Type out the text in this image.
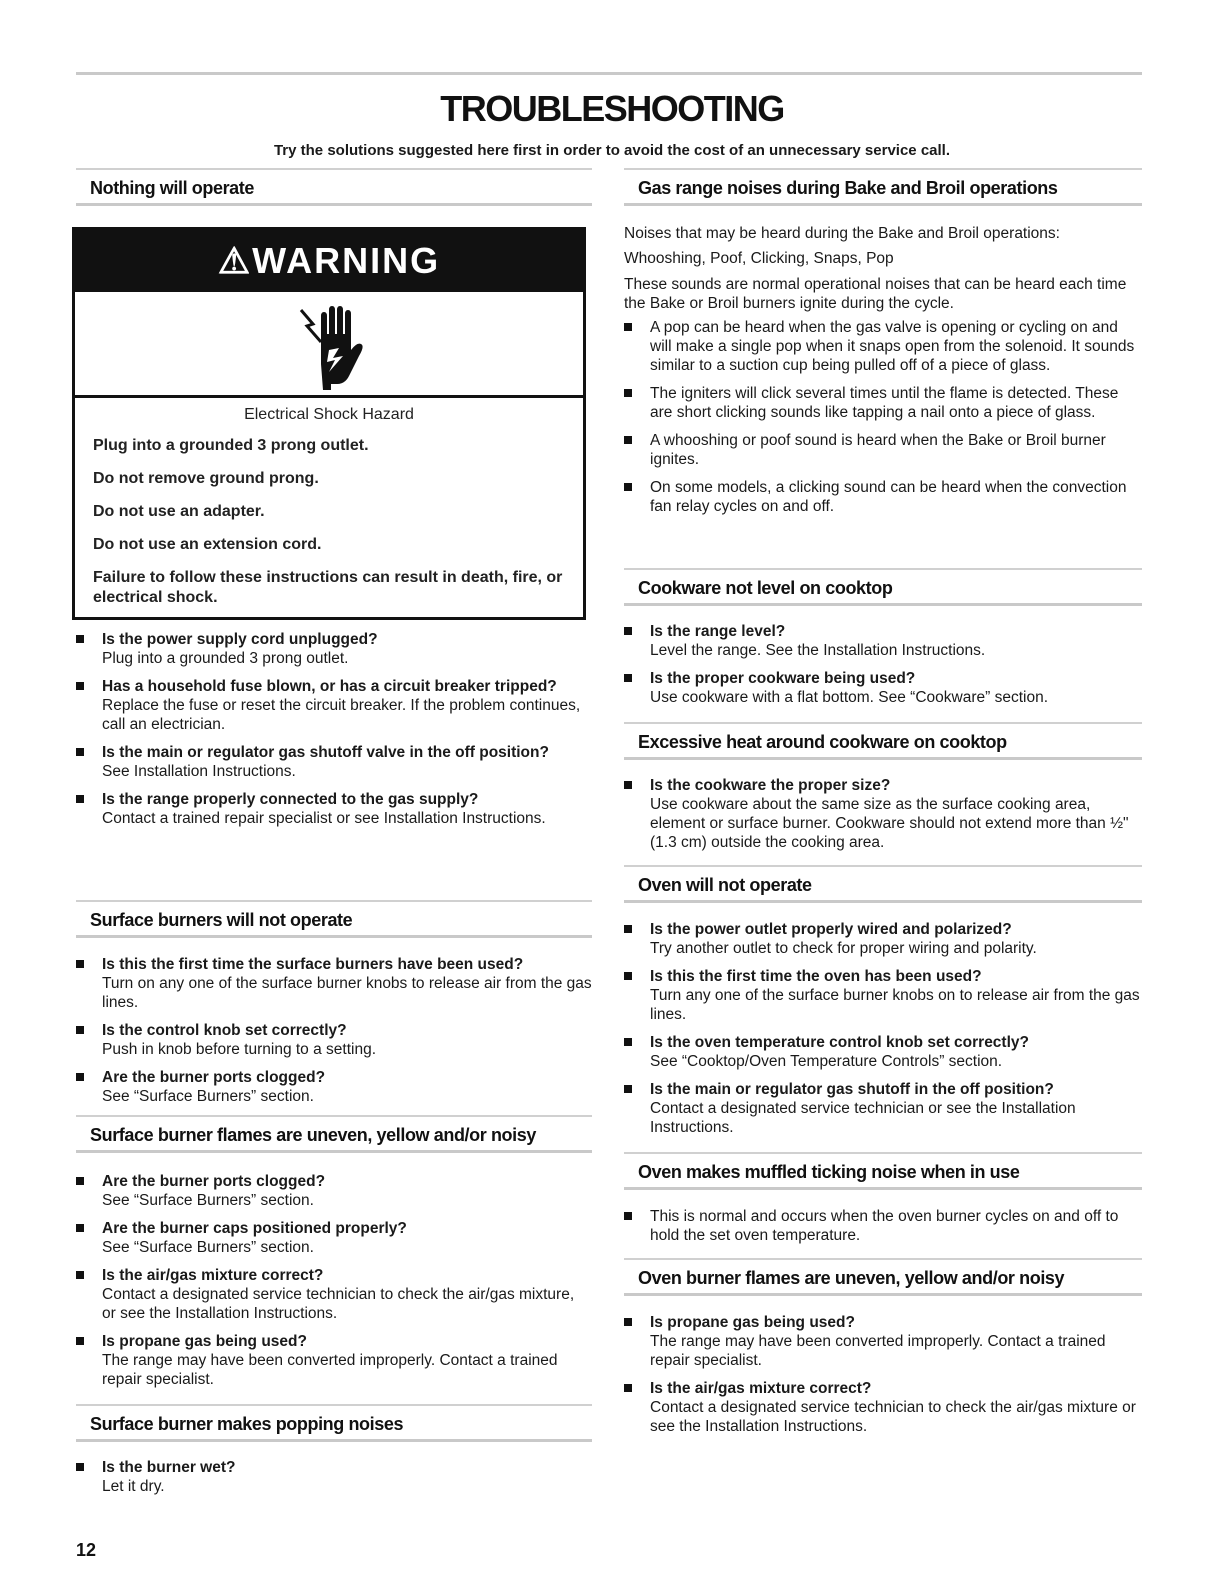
TROUBLESHOOTING
Try the solutions suggested here first in order to avoid the cost of an unnecessary service call.
Nothing will operate
Is the power supply cord unplugged?
Plug into a grounded 3 prong outlet.
Has a household fuse blown, or has a circuit breaker tripped?
Replace the fuse or reset the circuit breaker. If the problem continues, call an electrician.
Is the main or regulator gas shutoff valve in the off position?
See Installation Instructions.
Is the range properly connected to the gas supply?
Contact a trained repair specialist or see Installation Instructions.
Surface burners will not operate
Is this the first time the surface burners have been used?
Turn on any one of the surface burner knobs to release air from the gas lines.
Is the control knob set correctly?
Push in knob before turning to a setting.
Are the burner ports clogged?
See “Surface Burners” section.
Surface burner flames are uneven, yellow and/or noisy
Are the burner ports clogged?
See “Surface Burners” section.
Are the burner caps positioned properly?
See “Surface Burners” section.
Is the air/gas mixture correct?
Contact a designated service technician to check the air/gas mixture, or see the Installation Instructions.
Is propane gas being used?
The range may have been converted improperly. Contact a trained repair specialist.
Surface burner makes popping noises
Is the burner wet?
Let it dry.
⚠WARNING
Electrical Shock Hazard
Plug into a grounded 3 prong outlet.
Do not remove ground prong.
Do not use an adapter.
Do not use an extension cord.
Failure to follow these instructions can result in death, fire, or electrical shock.
Gas range noises during Bake and Broil operations
Noises that may be heard during the Bake and Broil operations:
Whooshing, Poof, Clicking, Snaps, Pop
These sounds are normal operational noises that can be heard each time the Bake or Broil burners ignite during the cycle.
A pop can be heard when the gas valve is opening or cycling on and will make a single pop when it snaps open from the solenoid. It sounds similar to a suction cup being pulled off of a piece of glass.
The igniters will click several times until the flame is detected. These are short clicking sounds like tapping a nail onto a piece of glass.
A whooshing or poof sound is heard when the Bake or Broil burner ignites.
On some models, a clicking sound can be heard when the convection fan relay cycles on and off.
Cookware not level on cooktop
Is the range level?
Level the range. See the Installation Instructions.
Is the proper cookware being used?
Use cookware with a flat bottom. See “Cookware” section.
Excessive heat around cookware on cooktop
Is the cookware the proper size?
Use cookware about the same size as the surface cooking area, element or surface burner. Cookware should not extend more than ½" (1.3 cm) outside the cooking area.
Oven will not operate
Is the power outlet properly wired and polarized?
Try another outlet to check for proper wiring and polarity.
Is this the first time the oven has been used?
Turn any one of the surface burner knobs on to release air from the gas lines.
Is the oven temperature control knob set correctly?
See “Cooktop/Oven Temperature Controls” section.
Is the main or regulator gas shutoff in the off position?
Contact a designated service technician or see the Installation Instructions.
Oven makes muffled ticking noise when in use
This is normal and occurs when the oven burner cycles on and off to hold the set oven temperature.
Oven burner flames are uneven, yellow and/or noisy
Is propane gas being used?
The range may have been converted improperly. Contact a trained repair specialist.
Is the air/gas mixture correct?
Contact a designated service technician to check the air/gas mixture or see the Installation Instructions.
12
